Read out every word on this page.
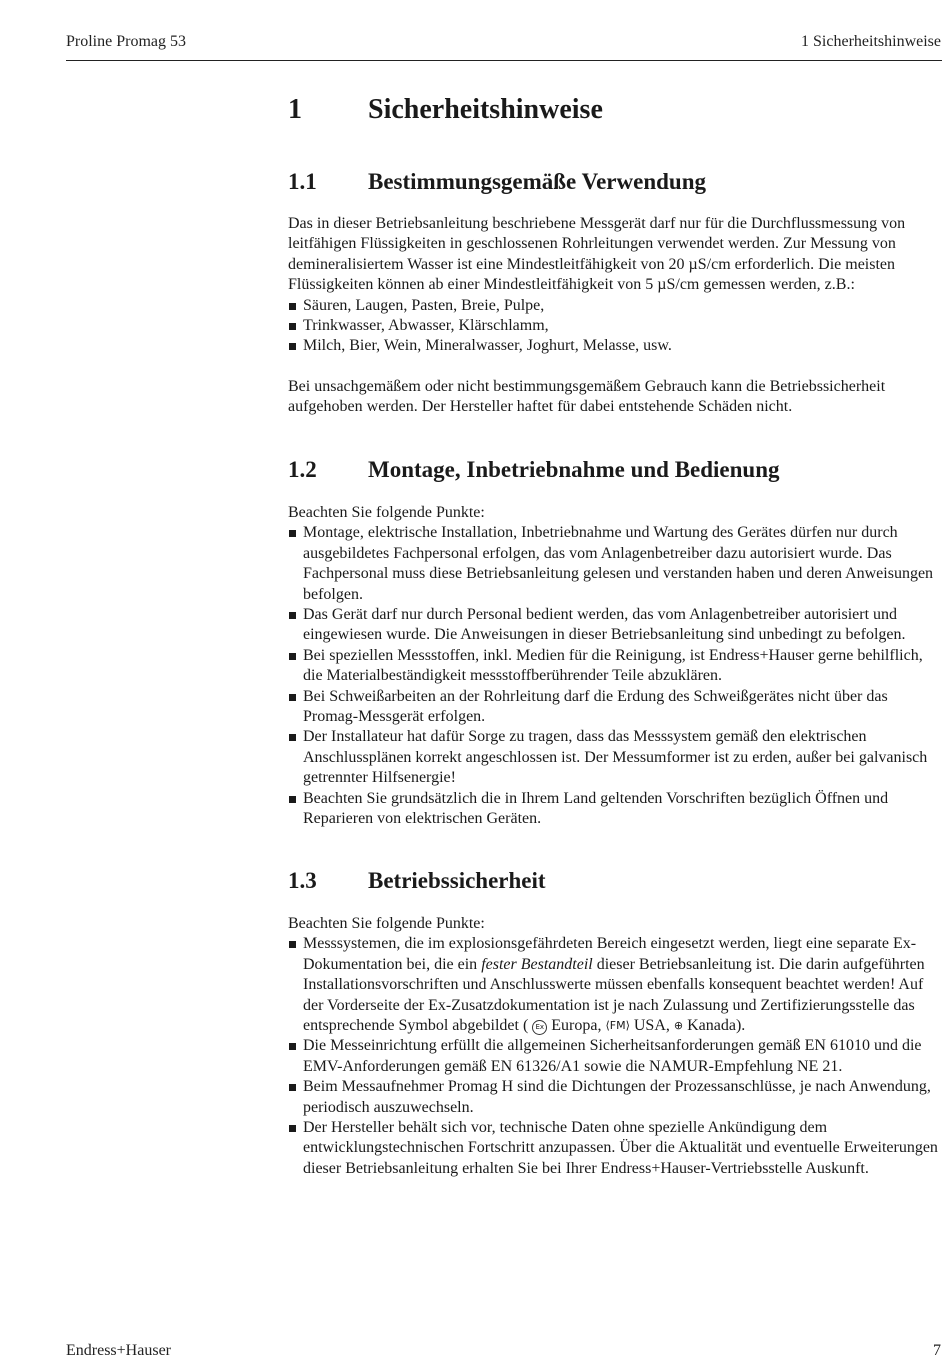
Proline Promag 53	1 Sicherheitshinweise
1 Sicherheitshinweise
1.1 Bestimmungsgemäße Verwendung

Das in dieser Betriebsanleitung beschriebene Messgerät darf nur für die Durchflussmessung von leitfähigen Flüssigkeiten in geschlossenen Rohrleitungen verwendet werden. Zur Messung von demineralisiertem Wasser ist eine Mindestleitfähigkeit von 20 µS/cm erforderlich. Die meisten Flüssigkeiten können ab einer Mindestleitfähigkeit von 5 µS/cm gemessen werden, z.B.:

Säuren, Laugen, Pasten, Breie, Pulpe,
Trinkwasser, Abwasser, Klärschlamm,
Milch, Bier, Wein, Mineralwasser, Joghurt, Melasse, usw.

Bei unsachgemäßem oder nicht bestimmungsgemäßem Gebrauch kann die Betriebssicherheit aufgehoben werden. Der Hersteller haftet für dabei entstehende Schäden nicht.

1.2 Montage, Inbetriebnahme und Bedienung

Beachten Sie folgende Punkte:

Montage, elektrische Installation, Inbetriebnahme und Wartung des Gerätes dürfen nur durch ausgebildetes Fachpersonal erfolgen, das vom Anlagenbetreiber dazu autorisiert wurde. Das Fachpersonal muss diese Betriebsanleitung gelesen und verstanden haben und deren Anweisungen befolgen.
Das Gerät darf nur durch Personal bedient werden, das vom Anlagenbetreiber autorisiert und eingewiesen wurde. Die Anweisungen in dieser Betriebsanleitung sind unbedingt zu befolgen.
Bei speziellen Messstoffen, inkl. Medien für die Reinigung, ist Endress+Hauser gerne behilflich, die Materialbeständigkeit messstoffberührender Teile abzuklären.
Bei Schweißarbeiten an der Rohrleitung darf die Erdung des Schweißgerätes nicht über das Promag-Messgerät erfolgen.
Der Installateur hat dafür Sorge zu tragen, dass das Messsystem gemäß den elektrischen Anschlussplänen korrekt angeschlossen ist. Der Messumformer ist zu erden, außer bei galvanisch getrennter Hilfsenergie!
Beachten Sie grundsätzlich die in Ihrem Land geltenden Vorschriften bezüglich Öffnen und Reparieren von elektrischen Geräten.
1.3 Betriebssicherheit

Beachten Sie folgende Punkte:

Messsystemen, die im explosionsgefährdeten Bereich eingesetzt werden, liegt eine separate Ex-Dokumentation bei, die ein fester Bestandteil dieser Betriebsanleitung ist. Die darin aufgeführten Installationsvorschriften und Anschlusswerte müssen ebenfalls konsequent beachtet werden! Auf der Vorderseite der Ex-Zusatzdokumentation ist je nach Zulassung und Zertifizierungsstelle das entsprechende Symbol abgebildet ( Ex Europa, ⟨FM⟩ USA, ⊕ Kanada).
Die Messeinrichtung erfüllt die allgemeinen Sicherheitsanforderungen gemäß EN 61010 und die EMV-Anforderungen gemäß EN 61326/A1 sowie die NAMUR-Empfehlung NE 21.
Beim Messaufnehmer Promag H sind die Dichtungen der Prozessanschlüsse, je nach Anwendung, periodisch auszuwechseln.
Der Hersteller behält sich vor, technische Daten ohne spezielle Ankündigung dem entwicklungstechnischen Fortschritt anzupassen. Über die Aktualität und eventuelle Erweiterungen dieser Betriebsanleitung erhalten Sie bei Ihrer Endress+Hauser-Vertriebsstelle Auskunft.
Endress+Hauser	7
